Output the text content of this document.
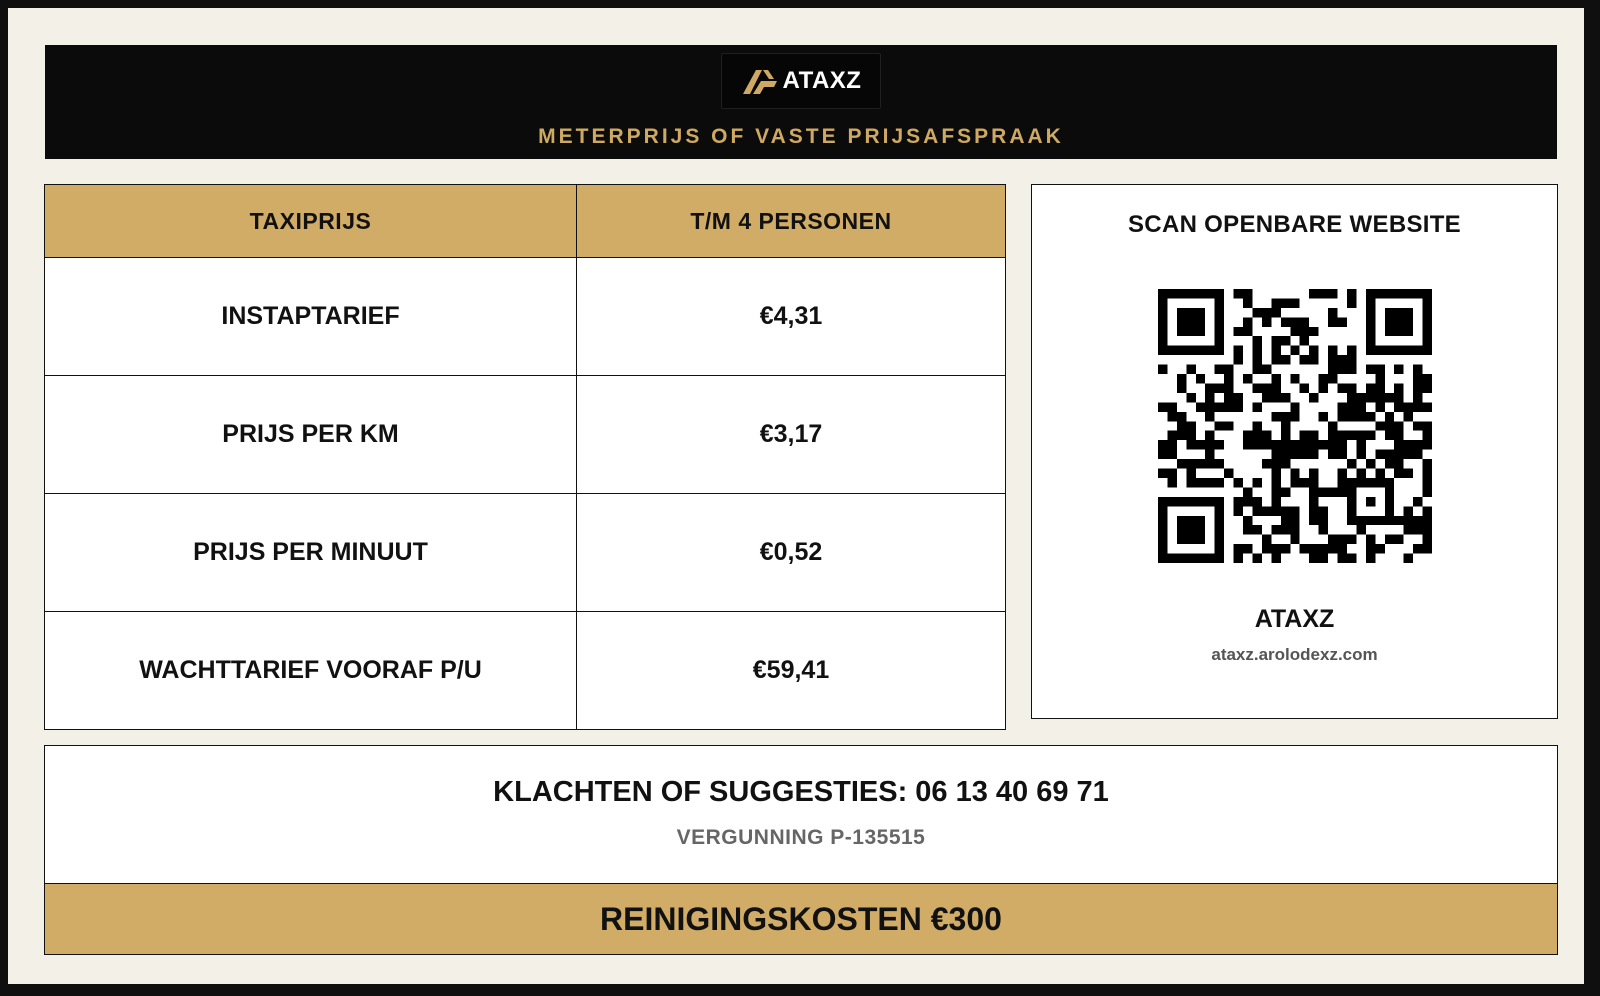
ATAXZ
METERPRIJS OF VASTE PRIJSAFSPRAAK
TAXIPRIJS	T/M 4 PERSONEN
INSTAPTARIEF	€4,31
PRIJS PER KM	€3,17
PRIJS PER MINUUT	€0,52
WACHTTARIEF VOORAF P/U	€59,41
SCAN OPENBARE WEBSITE
ATAXZ
ataxz.arolodexz.com
KLACHTEN OF SUGGESTIES: 06 13 40 69 71
VERGUNNING P-135515
REINIGINGSKOSTEN €300
